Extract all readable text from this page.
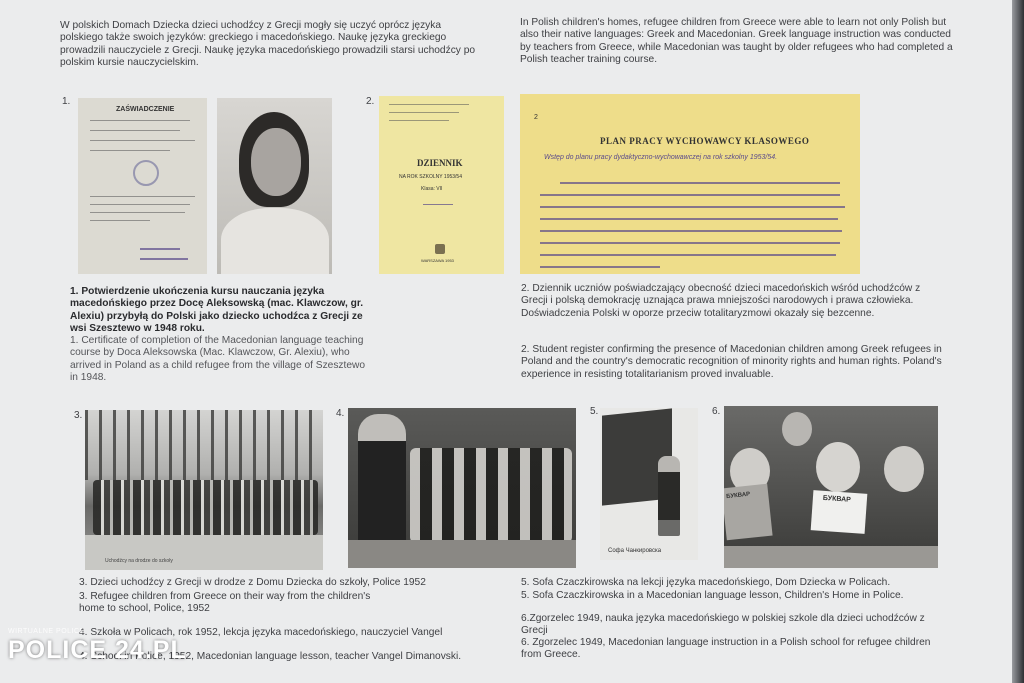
W polskich Domach Dziecka dzieci uchodźcy z Grecji mogły się uczyć oprócz języka polskiego także swoich języków: greckiego i macedońskiego. Naukę języka greckiego prowadzili nauczyciele z Grecji. Naukę języka macedońskiego prowadzili starsi uchodźcy po polskim kursie nauczycielskim.

In Polish children's homes, refugee children from Greece were able to learn not only Polish but also their native languages: Greek and Macedonian. Greek language instruction was conducted by teachers from Greece, while Macedonian was taught by older refugees who had completed a Polish teacher training course.

1.	2.
ZAŚWIADCZENIE
DZIENNIK
NA ROK SZKOLNY 1953/54
Klasa: VII
WARSZAWA 1953
2
PLAN PRACY WYCHOWAWCY KLASOWEGO
Wstęp do planu pracy dydaktyczno-wychowawczej na rok szkolny 1953/54.

1. Potwierdzenie ukończenia kursu nauczania języka macedońskiego przez Docę Aleksowską (mac. Klawczow, gr. Alexiu) przybyłą do Polski jako dziecko uchodźca z Grecji ze wsi Szesztewo w 1948 roku.

1. Certificate of completion of the Macedonian language teaching course by Doca Aleksowska (Mac. Klawczow, Gr. Alexiu), who arrived in Poland as a child refugee from the village of Szesztewo in 1948.

2. Dziennik uczniów poświadczający obecność dzieci macedońskich wśród uchodźców z Grecji i polską demokrację uznająca prawa mniejszości narodowych i prawa człowieka. Doświadczenia Polski w oporze przeciw totalitaryzmowi okazały się bezcenne.

2. Student register confirming the presence of Macedonian children among Greek refugees in Poland and the country's democratic recognition of minority rights and human rights. Poland's experience in resisting totalitarianism proved invaluable.

3.	4.	5.	6.
Uchodźcy na drodze do szkoły
Софа Чанкировска
БУКВАР	БУКВАР

3. Dzieci uchodźcy z Grecji w drodze z Domu Dziecka do szkoły, Police 1952

3. Refugee children from Greece on their way from the children's home to school, Police, 1952

4. Szkoła w Policach, rok 1952, lekcja języka macedońskiego, nauczyciel Vangel

4. School in Police, 1952, Macedonian language lesson, teacher Vangel Dimanovski.

5. Sofa Czaczkirowska na lekcji języka macedońskiego, Dom Dziecka w Policach.

5. Sofa Czaczkirowska in a Macedonian language lesson, Children's Home in Police.

6.Zgorzelec 1949, nauka języka macedońskiego w polskiej szkole dla dzieci uchodźców z Grecji

6. Zgorzelec 1949, Macedonian language instruction in a Polish school for refugee children from Greece.

WIRTUALNE POLICE
POLICE 24.PL
